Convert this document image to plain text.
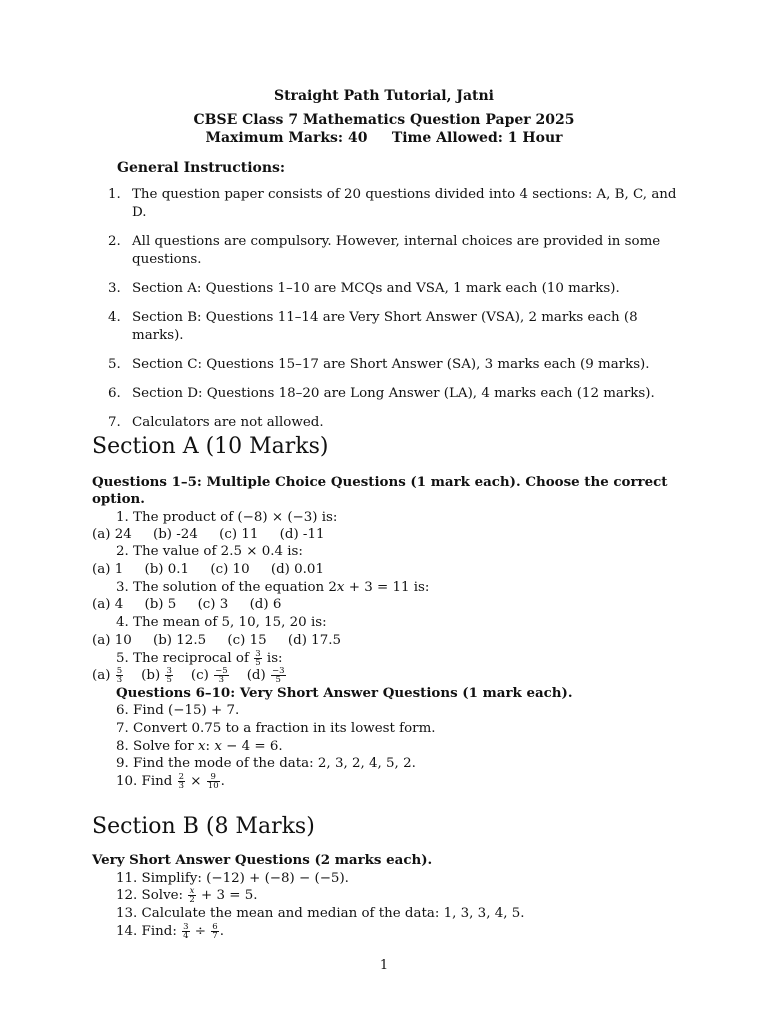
Straight Path Tutorial, Jatni
CBSE Class 7 Mathematics Question Paper 2025
Maximum Marks: 40     Time Allowed: 1 Hour
General Instructions:
1. The question paper consists of 20 questions divided into 4 sections: A, B, C, and D.
2. All questions are compulsory. However, internal choices are provided in some questions.
3. Section A: Questions 1–10 are MCQs and VSA, 1 mark each (10 marks).
4. Section B: Questions 11–14 are Very Short Answer (VSA), 2 marks each (8 marks).
5. Section C: Questions 15–17 are Short Answer (SA), 3 marks each (9 marks).
6. Section D: Questions 18–20 are Long Answer (LA), 4 marks each (12 marks).
7. Calculators are not allowed.
Section A (10 Marks)
Questions 1–5: Multiple Choice Questions (1 mark each). Choose the correct
option.
1. The product of (−8) × (−3) is:
(a) 24     (b) -24     (c) 11     (d) -11
2. The value of 2.5 × 0.4 is:
(a) 1     (b) 0.1     (c) 10     (d) 0.01
3. The solution of the equation 2x + 3 = 11 is:
(a) 4     (b) 5     (c) 3     (d) 6
4. The mean of 5, 10, 15, 20 is:
(a) 10     (b) 12.5     (c) 15     (d) 17.5
5. The reciprocal of $\frac{3}{5}$ is:
$(a) \frac{5}{3} (b) \frac{3}{5} (c) \frac{-5}{3} (d) \frac{-3}{5}$
Questions 6–10: Very Short Answer Questions (1 mark each).
6. Find (−15) + 7.
7. Convert 0.75 to a fraction in its lowest form.
8. Solve for x: x − 4 = 6.
9. Find the mode of the data: 2, 3, 2, 4, 5, 2.
10. Find $\frac{2}{3} \times \frac{9}{10}$ .
Section B (8 Marks)
Very Short Answer Questions (2 marks each).
11. Simplify: (−12) + (−8) − (−5).
12. Solve: $\frac{x}{2} + 3 = 5$.
13. Calculate the mean and median of the data: 1, 3, 3, 4, 5.
14. Find: $\frac{3}{4} \div \frac{6}{7}$ .
1
